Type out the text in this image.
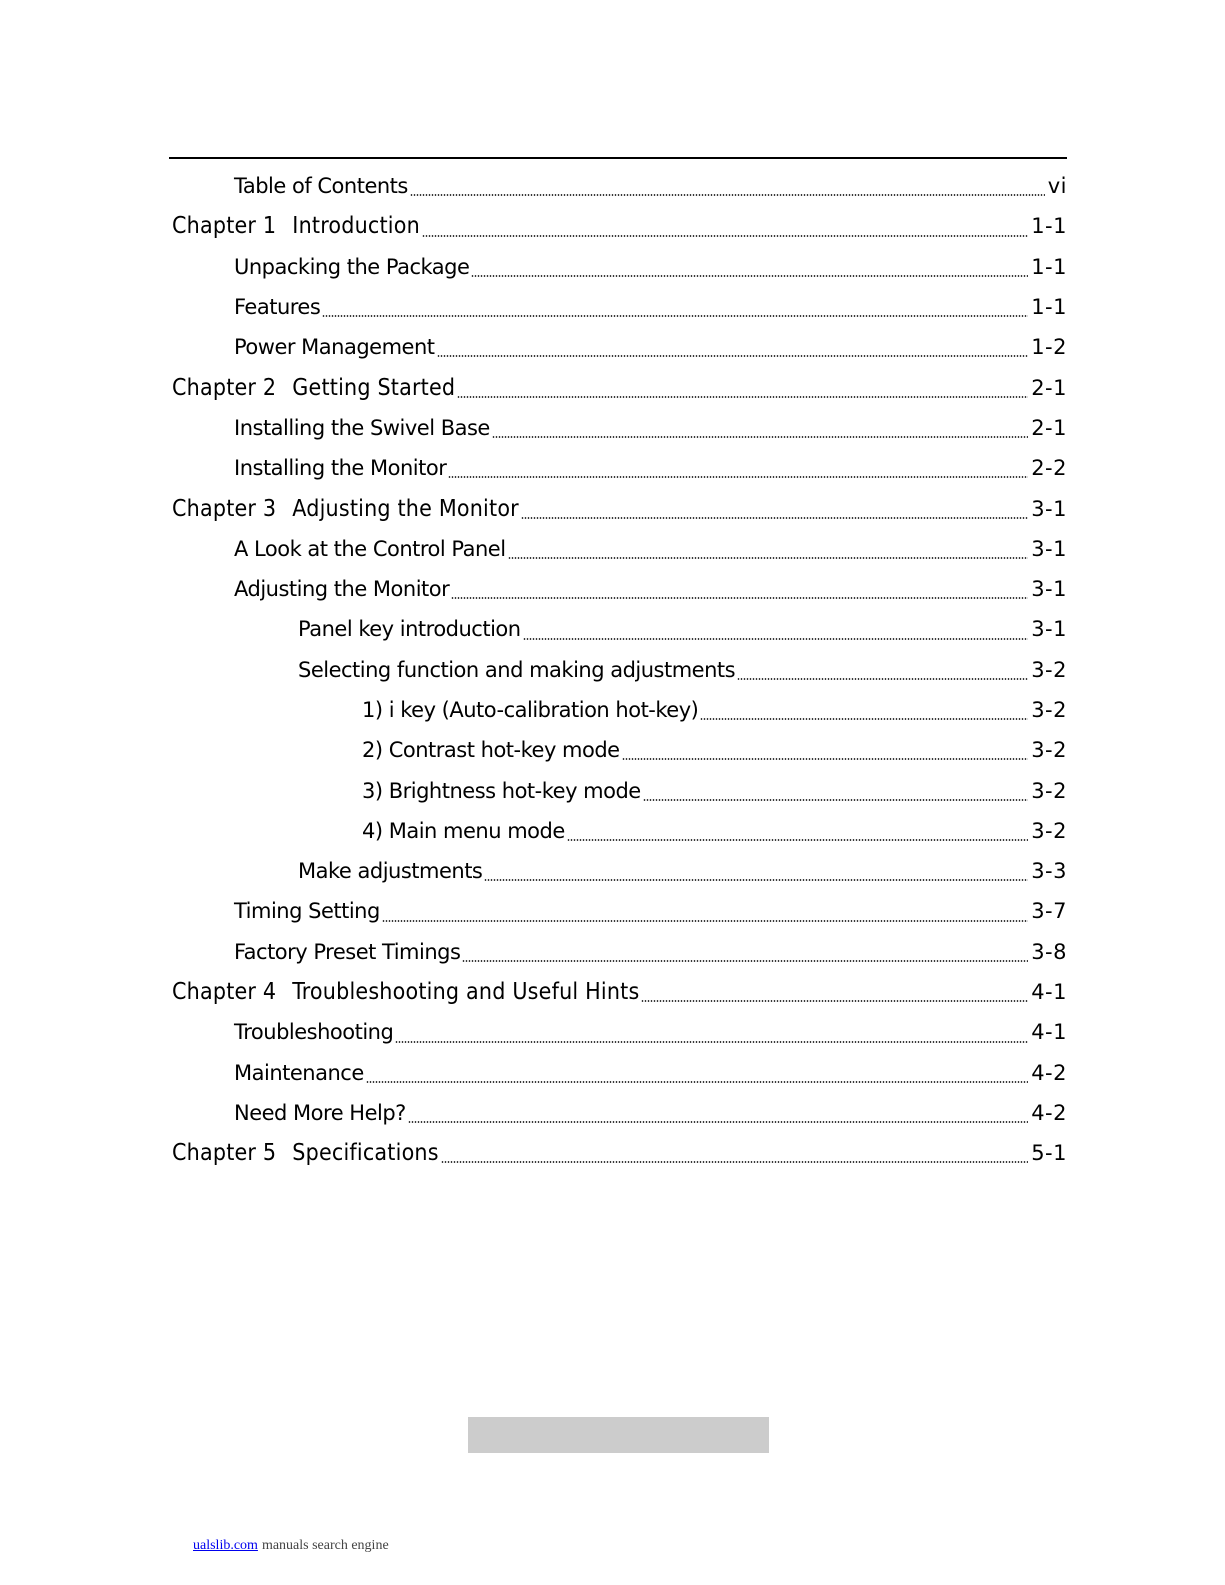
Table of Contents	vi
Chapter 1 Introduction	1-1
Unpacking the Package	1-1
Features	1-1
Power Management	1-2
Chapter 2 Getting Started	2-1
Installing the Swivel Base	2-1
Installing the Monitor	2-2
Chapter 3 Adjusting the Monitor	3-1
A Look at the Control Panel	3-1
Adjusting the Monitor	3-1
Panel key introduction	3-1
Selecting function and making adjustments	3-2
1) i key (Auto-calibration hot-key)	3-2
2) Contrast hot-key mode	3-2
3) Brightness hot-key mode	3-2
4) Main menu mode	3-2
Make adjustments	3-3
Timing Setting	3-7
Factory Preset Timings	3-8
Chapter 4 Troubleshooting and Useful Hints	4-1
Troubleshooting	4-1
Maintenance	4-2
Need More Help?	4-2
Chapter 5 Specifications	5-1
ualslib.com manuals search engine
